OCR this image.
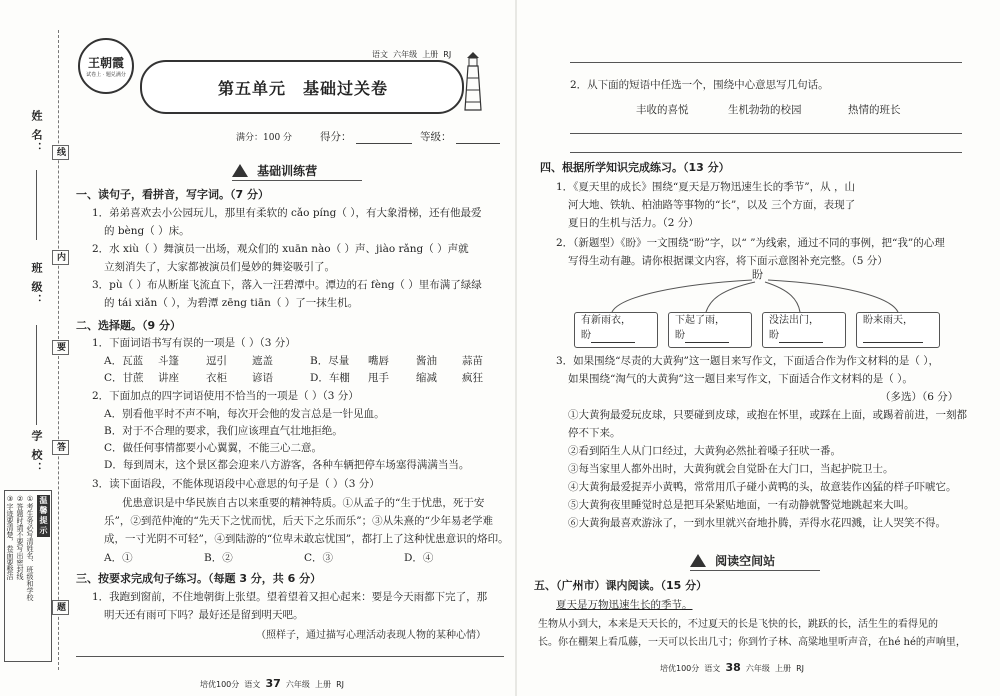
姓 名：
班 级：
学 校：
线
内
要
答
题
温馨提示
①考生务必写清姓名、班级和学校
②答题时请不要写出密封线
③字迹要清楚，卷面要整洁
王朝霞
试卷上 · 题兑满分
语文 六年级 上册 RJ
第五单元　基础过关卷
满分：100 分	得分：	等级：
基础训练营
一、读句子，看拼音，写字词。（7 分）
1．弟弟喜欢去小公园玩儿，那里有柔软的 cǎo píng（ ），有大象滑梯，还有他最爱
的 bèng（ ）床。
2．水 xiù（ ）舞演员一出场，观众们的 xuān nào（ ）声、jiào rǎng（ ）声就
立刻消失了，大家都被演员们曼妙的舞姿吸引了。
3．pù（ ）布从断崖飞流直下，落入一汪碧潭中。潭边的石 fèng（ ）里布满了绿绿
的 tái xiǎn（ ），为碧潭 zēng tiān（ ）了一抹生机。
二、选择题。（9 分）
1．下面词语书写有误的一项是（ ）（3 分）
A．瓦蓝 斗篷	逗引 遮盖	B．尽量 嘴唇	酱油 蒜苗
C．甘蔗 讲座	衣柜 谚语	D．车棚 甩手	缩减 疯狂
2．下面加点的四字词语使用不恰当的一项是（ ）（3 分）
A．别看他平时不声不响，每次开会他的发言总是一针见血。
B．对于不合理的要求，我们应该理直气壮地拒绝。
C．做任何事情都要小心翼翼，不能三心二意。
D．每到周末，这个景区都会迎来八方游客，各种车辆把停车场塞得满满当当。
3．读下面语段，不能体现语段中心意思的句子是（ ）（3 分）
优患意识是中华民族自古以来重要的精神特质。①从孟子的“生于忧患，死于安
乐”，②到范仲淹的“先天下之忧而忧，后天下之乐而乐”；③从朱熹的“少年易老学难
成，一寸光阴不可轻”，④到陆游的“位卑未敢忘忧国”，都打上了这种忧患意识的烙印。
A．①	B．②	C．③	D．④
三、按要求完成句子练习。（每题 3 分，共 6 分）
1．我跑到窗前，不住地朝街上张望。望着望着又担心起来：要是今天雨都下完了，那
明天还有雨可下吗？最好还是留到明天吧。
（照样子，通过描写心理活动表现人物的某种心情）
培优100分 语文 37 六年级 上册 RJ
2．从下面的短语中任选一个，围绕中心意思写几句话。
丰收的喜悦	生机勃勃的校园	热情的班长
四、根据所学知识完成练习。（13 分）
1．《夏天里的成长》围绕“夏天是万物迅速生长的季节”，从 ，山
河大地、铁轨、柏油路等事物的“长”，以及 三个方面，表现了
夏日的生机与活力。（2 分）
2．（新题型）《盼》一文围绕“盼”字，以“ ”为线索，通过不同的事例，把“我”的心理
写得生动有趣。请你根据课文内容，将下面示意图补充完整。（5 分）
盼
有新雨衣，
盼
下起了雨，
盼
没法出门，
盼
盼来雨天，
3．如果围绕“尽责的大黄狗”这一题目来写作文，下面适合作为作文材料的是（ ），
如果围绕“淘气的大黄狗”这一题目来写作文，下面适合作文材料的是（ ）。
（多选）（6 分）
①大黄狗最爱玩皮球，只要碰到皮球，或抱在怀里，或踩在上面，或踢着前进，一刻都
停不下来。
②看到陌生人从门口经过，大黄狗必然扯着嗓子狂吠一番。
③每当家里人都外出时，大黄狗就会自觉卧在大门口，当起护院卫士。
④大黄狗最爱捉弄小黄鸭，常常用爪子碰小黄鸭的头，故意装作凶猛的样子吓唬它。
⑤大黄狗夜里睡觉时总是把耳朵紧贴地面，一有动静就警觉地跳起来大叫。
⑥大黄狗最喜欢游泳了，一到水里就兴奋地扑腾，弄得水花四溅，让人哭笑不得。
阅读空间站
五、（广州市）课内阅读。（15 分）
夏天是万物迅速生长的季节。
生物从小到大，本来是天天长的，不过夏天的长是飞快的长，跳跃的长，活生生的看得见的
长。你在棚架上看瓜藤，一天可以长出几寸；你到竹子林、高粱地里听声音，在hé hé的声响里，
培优100分 语文 38 六年级 上册 RJ
